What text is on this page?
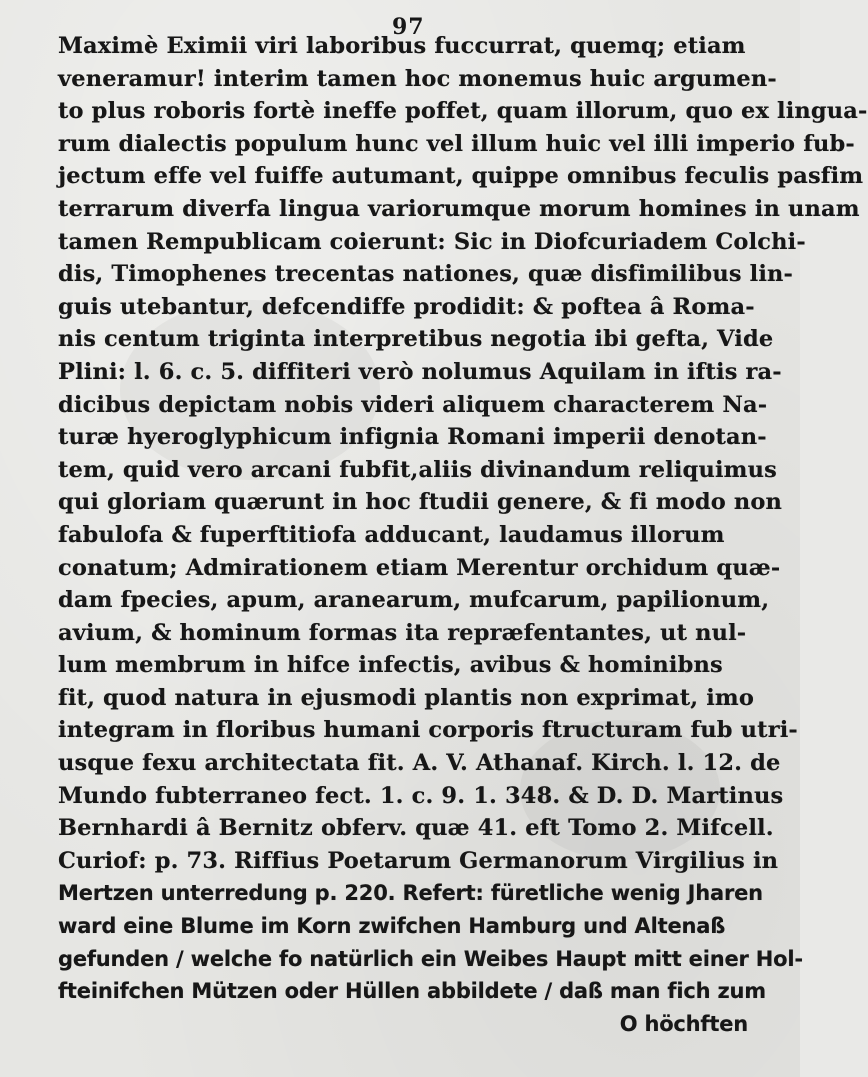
97
Maximè Eximii viri laboribus fuccurrat, quemq; etiam
veneramur! interim tamen hoc monemus huic argumen-
to plus roboris fortè ineffe poffet, quam illorum, quo ex lingua-
rum dialectis populum hunc vel illum huic vel illi imperio fub-
jectum effe vel fuiffe autumant, quippe omnibus feculis pasfim
terrarum diverfa lingua variorumque morum homines in unam
tamen Rempublicam coierunt: Sic in Diofcuriadem Colchi-
dis, Timophenes trecentas nationes, quæ disfimilibus lin-
guis utebantur, defcendiffe prodidit: & poftea â Roma-
nis centum triginta interpretibus negotia ibi gefta, Vide
Plini: l. 6. c. 5. diffiteri verò nolumus Aquilam in iftis ra-
dicibus depictam nobis videri aliquem characterem Na-
turæ hyeroglyphicum infignia Romani imperii denotan-
tem, quid vero arcani fubfit,aliis divinandum reliquimus
qui gloriam quærunt in hoc ftudii genere, & fi modo non
fabulofa & fuperftitiofa adducant, laudamus illorum
conatum; Admirationem etiam Merentur orchidum quæ-
dam fpecies, apum, aranearum, mufcarum, papilionum,
avium, & hominum formas ita repræfentantes, ut nul-
lum membrum in hifce infectis, avibus & hominibns
fit, quod natura in ejusmodi plantis non exprimat, imo
integram in floribus humani corporis ftructuram fub utri-
usque fexu architectata fit. A. V. Athanaf. Kirch. l. 12. de
Mundo fubterraneo fect. 1. c. 9. 1. 348. & D. D. Martinus
Bernhardi â Bernitz obferv. quæ 41. eft Tomo 2. Mifcell.
Curiof: p. 73. Riffius Poetarum Germanorum Virgilius in
Mertzen unterredung p. 220. Refert: füretliche wenig Jharen
ward eine Blume im Korn zwifchen Hamburg und Altenaß
gefunden / welche fo natürlich ein Weibes Haupt mitt einer Hol-
fteinifchen Mützen oder Hüllen abbildete / daß man fich zum
O höchften
